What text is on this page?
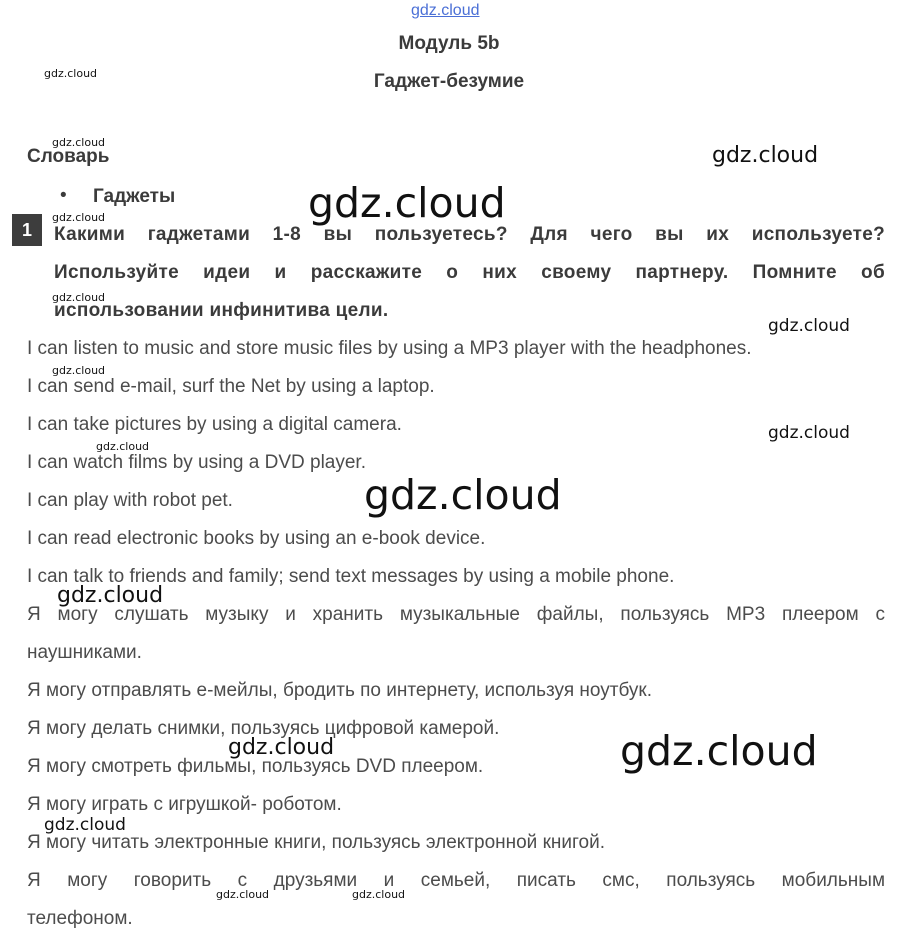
gdz.cloud
Модуль 5b
Гаджет-безумие
Словарь
• Гаджеты
1	Какими гаджетами 1-8 вы пользуетесь? Для чего вы их используете?
Используйте идеи и расскажите о них своему партнеру. Помните об
использовании инфинитива цели.
I can listen to music and store music files by using a MP3 player with the headphones.
I can send e-mail, surf the Net by using a laptop.
I can take pictures by using a digital camera.
I can watch films by using a DVD player.
I can play with robot pet.
I can read electronic books by using an e-book device.
I can talk to friends and family; send text messages by using a mobile phone.
Я могу слушать музыку и хранить музыкальные файлы, пользуясь MP3 плеером с
наушниками.
Я могу отправлять е-мейлы, бродить по интернету, используя ноутбук.
Я могу делать снимки, пользуясь цифровой камерой.
Я могу смотреть фильмы, пользуясь DVD плеером.
Я могу играть с игрушкой- роботом.
Я могу читать электронные книги, пользуясь электронной книгой.
Я могу говорить с друзьями и семьей, писать смс, пользуясь мобильным
телефоном.
gdz.cloud
gdz.cloud
gdz.cloud
gdz.cloud
gdz.cloud
gdz.cloud
gdz.cloud	gdz.cloud
gdz.cloud
gdz.cloud
gdz.cloud
gdz.cloud
gdz.cloud
gdz.cloud
gdz.cloud
gdz.cloud
gdz.cloud
